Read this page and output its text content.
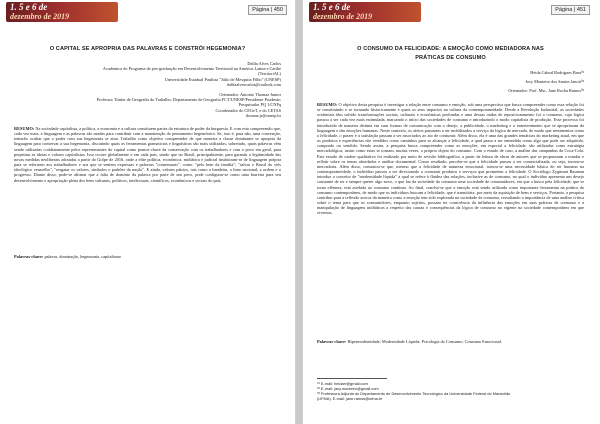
1. 5 e 6 de
dezembro de 2019
Página | 450
O CAPITAL SE APROPRIA DAS PALAVRAS E CONSTRÓI HEGEMONIA?
Dalila Alves Carlos
Academica do Programa de pós-graduação em Desenvolvimento Territorial na América Latina e Caribe
(TerritoriAL)
Universidade Estadual Paulista "Júlio de Mesquita Filho" (UNESP)
dalilaalvescarlos@outlook.com
Orientador: Antonio Thomaz Junior
Professor Titular de Geografia do Trabalho; Departamento de Geografia FCT/UNESP/Presidente Prudente;
Pesquisador PQ 1/CNPq
Coordenador do CEGeT, e do CETAS
thomaz.jr@unesp.br

RESUMO: Na sociedade capitalista, a política, a economia e a cultura constituem partes da estrutura de poder da burguesia. E com esta compreensão que, cada vez mais, a linguagem e as palavras são usadas para contribuir com a manutenção do pensamento hegemônico. Se, isso é, para não, uma convenção, tentarão ocultar que o poder com sua hegemonia se atua. Trabalho como objetivo compreender de que maneira a classe dominante se apropria da linguagem para conservar a sua hegemonia, discutindo quais as ferramentas gramaticais e linguísticas são mais utilizadas, sobretudo, quais palavras vêm sendo utilizadas cotidianamente pelos representantes do capital como pontos-chave da conservação com os trabalhadores e com o povo em geral, para perpetuar as ideias e valores capitalistas. Isso ocorre globalmente e em cada país, sendo que no Brasil, principalmente, para garantir a legitimidade das novas medidas neoliberais adotadas a partir do Golpe de 2016, onde a elite política, econômica, midiática e judicial instituiram-se de linguagem própria para se referirem aos trabalhadores e aos que se sentem expressas e palavras "consensuais", como: "pelo bem da família"; "salvar o Brasil do viés ideológico vermelho"; "resgatar os valores, símbolos e padrões da nação". E ainda, valores pátrios, tais como a bandeira, o hino nacional, a ordem e o progresso. Diante disso, pode-se afirmar que a falta de domínio da palavra por parte de um povo, pode configurar-se como uma barreira para seu desenvolvimento e apropriação plena dos bens culturais, políticos, intelectuais, científicos, econômicos e sociais do país.

Palavras-chave: palavra, dominação, hegemonia, capitalismo

1. 5 e 6 de
dezembro de 2019
Página | 451
O CONSUMO DA FELICIDADE: A EMOÇÃO COMO MEDIADORA NAS
PRÁTICAS DE CONSUMO
Heida Cabral Rodrigues Bara⁰¹
Josy Monteiro dos Santos Janoti⁰²
Orientador: Prof. Msc. Jane Rocha Ramos⁰³

RESUMO: O objetivo desta pesquisa é investigar a relação entre consumo e emoção, sob uma perspectiva que busca compreender como essa relação foi se constituindo e se tornando historicamente e quais os seus impactos na cultura da contemporaneidade. Desde a Revolução Industrial, as sociedades ocidentais têm sofrido transformações sociais, culturais e econômicas profundas e uma dessas ondas de reposicionamento foi o consumo, cuja lógica passou a ser cada vez mais estimulada, marcando o início das sociedades de consumo e introduzindo o modo capitalista de produção. Esse processo foi introduzido de maneira distinta em suas formas de comunicação com o desejo, a publicidade, o marketing e o entretenimento que se apropriaram da linguagem e das emoções humanas. Neste contexto, os afetos passaram a ser mobilizados a serviço da lógica de mercado, de modo que sentimentos como a felicidade, o prazer e a satisfação passam a ser associados ao ato de consumir. Além disso, ela é uma das grandes temáticas do marketing atual, em que os produtos e experiências são vendidos como caminhos para se alcançar a felicidade, a qual passa a ser entendida como algo que pode ser adquirido, comprado ou vendido. Sendo assim, a pesquisa busca compreender como as emoções, em especial a felicidade, são utilizadas como estratégia mercadológica, assim como estas se tornam, muitas vezes, o próprio objeto do consumo. Com o estudo de caso, a análise das campanhas da Coca-Cola. Este estudo de caráter qualitativo foi realizado por meio de revisão bibliográfica, a partir da leitura de obras de autores que se propuseram a estudar e refletir sobre os temas abordados e análise documental. Como resultado, percebe-se que a felicidade passou a ser comercializada, ou seja, tornou-se mercadoria. Além disso, constatou-se que, mesmo que a felicidade de natureza emocional, tornou-se uma necessidade básica do ser humano na contemporaneidade, o indivíduo passou a ser direcionado a consumir produtos e serviços que prometem a felicidade. O Sociólogo Zygmunt Bauman introduz o conceito de "modernidade líquida" a qual se refere à fluidez das relações, inclusive as de consumo, no qual o indivíduo apresenta um desejo constante de ter e sempre querer algo novo, o que faz da sociedade do consumo uma sociedade de consumidores, em que a busca pela felicidade, que se torna efêmera, está atrelada ao consumo contínuo. Ao final, conclui-se que a emoção está sendo utilizada como importante ferramenta na prática do consumo contemporâneo, de modo que os indivíduos buscam a felicidade, que é transitória, por meio da aquisição de bens e serviços. Portanto, a pesquisa contribui para a reflexão acerca da maneira como a emoção tem sido explorada na sociedade de consumo, ressaltando a importância de uma análise crítica sobre o tema para que os consumidores, enquanto sujeitos, possam ter consciência da influência das emoções em suas práticas de consumo e a manipulação de linguagens midiáticas a respeito das causas e consequências da lógica de consumo no vigente na sociedade contemporânea em que vivemos.

Palavras-chave: Hipermodernidade; Modernidade Líquida; Psicologia do Consumo; Consumo Emocional.

⁰¹ E-mail: heidarr@gmail.com
⁰² E-mail: jacy.monteiro@gmail.com
⁰³ Professora Adjunta do Departamento de Desenvolvimento Tecnológico da Universidade Federal do Maranhão
(UFMA). E-mail: jane.ramos@ufma.br
